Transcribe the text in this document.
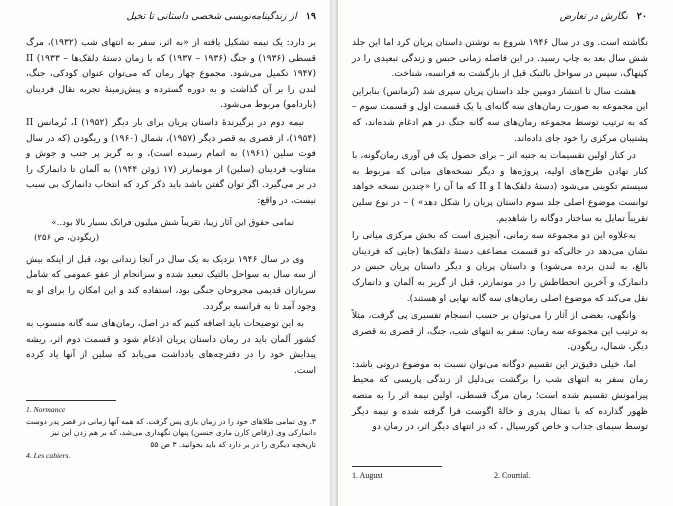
۱۹ از زندگینامه‌نویسی شخصی داستانی تا تخیل

بر دارد: یک نیمه تشکیل یافته از «به اثر، سفر به انتهای شب (۱۹۳۲)، مرگ قسطی (۱۹۳۶) و جنگ (۱۹۳۶ – ۱۹۳۷) که با زمان دستهٔ دلقک‌ها II (۱۹۳۳ – ۱۹۴۷) تکمیل می‌شود. مجموع چهار رمان که می‌توان عنوان کودکی، جنگ، لندن را بر آن گذاشت و به دوره گسترده و پیش‌زمینهٔ تجربه نقال فردینان (باردامو) مربوط می‌شود.

نیمه دوم در برگیرندهٔ داستان پریان برای بار دیگر I (۱۹۵۲)، نُرمانس II (۱۹۵۴)، از قصری به قصر دیگر (۱۹۵۷)، شمال (۱۹۶۰) و ریگودن (که در سال فوت سلین (۱۹۶۱) به اتمام رسیده است)، و به گریز پر جنب و جوش و متناوب فردینان (سلین) از مونمارتر (۱۷ ژوئن ۱۹۴۴) به آلمان تا دانمارک را در بر می‌گیرد. اگر توان گفتن باشد باید ذکر کرد که انتخاب دانمارک بی‌ سبب نیست، در واقع:

تمامی حقوق این آثار زیبا، تقریباً شش میلیون فرانک بسیار بالا بود..»
(ریگودن، ص ۲۵۶)

وی در سال ۱۹۴۶ نزدیک به یک سال در آنجا زندانی بود، قبل از اینکه بیش از سه سال به سواحل بالتیک تبعید شده و سرانجام از عفو عمومی که شامل سربازان قدیمی مجروحان جنگی بود، استفاده کند و این امکان را برای او به‌ وجود آمد تا به فرانسه برگردد.

به این توضیحات باید اضافه کنیم که در اصل، رمان‌های سه گانه منسوب به کشور آلمان باید در رمان داستان پریان اذغام شود و قسمت دوم اثر، ریشه پیدایش خود را در دفترچه‌های یادداشت می‌یابد که سلین از آنها یاد کرده است.

1. Normance
۳. وی تمامی طلاهای خود را در زمان بازی پس گرفت. که همه آنها زمانی در قصر پدر دوست دانمارکی وی (رقاص کارن ماری جنسن) پنهان نگهداری می‌شد، که بر هم زدن این نیز تاریخچه دیگری را در بر دارد که باید بخوانید. ۳ ص ۵۵
4. Les cahiers.
۲۰ نگارش در تعارض

نگاشته است. وی در سال ۱۹۴۶ شروع به نوشتن داستان پریان کرد اما این جلد شش سال بعد به چاپ رسید. در این فاصله زمانی حبس و زندگی تبعیدی را در کپنهاگ، سپس در سواحل بالتیک قبل از بازگشت به فرانسه، شناخت.

هشت سال تا انتشار دومین جلد داستان پریان سپری شد (نُرمانس) بنابراین این مجموعه به صورت رمان‌های سه گانه‌ای با یک قسمت اول و قسمت سوم – که به ترتیب توسط مجموعه رمان‌های سه گانه جنگ در هم ادغام شده‌اند، که پشتیبان مرکزی را خود جای داده‌اند.

در کنار اولین تقسیمات به جنبه اثر – برای حصول یک فن آوری رمان‌گونه، با کنار نهادن طرح‌های اولیه، پروژه‌ها و دیگر نسخه‌های میانی که مربوط به سیستم تکوینی می‌شود (دستهٔ دلقک‌ها I و II که ما آن را «چندین نسخه خواهد توانست موضوع اصلی جلد سوم داستان پریان را شکل دهد» ) – در نوع سلین تقریباً تمایل به ساختار دوگانه را شاهدیم.

به‌علاوه این دو مجموعه سه رمانی، آنچیزی است که بخش مرکزی میانی را نشان می‌دهد در حالی‌که دو قسمت مضاعف دستهٔ دلقک‌ها (جایی که فردینان بالغ، به لندن برده می‌شود) و داستان پریان و دیگر داستان پریان حبس در دانمارک و آخرین انحطاطش را در مونمارتر، قبل از گریز به آلمان و دانمارک نقل می‌کند که موضوع اصلی رمان‌های سه گانه نهایی او هستند).

وانگهی، بعضی از آثار را می‌توان بر حسب انسجام تفسیری پی گرفت، مثلاً به ترتیب این مجموعه سه رمان: سفر به انتهای شب، جنگ، از قصری به قصری دیگر، شمال، ریگودن.

اما، خیلی دقیق‌تر این تقسیم دوگانه می‌توان نسبت به موضوع درونی باشد: رمان سفر به انتهای شب را برگشت بی‌دلیل از زندگی پاریسی که محیط پیرامونش تقسیم شده است؛ رمان مرگ قسطی، اولین نیمه اثر را به منصه ظهور گذارده که با تمثال پدری و خالهٔ اگوست فرا گرفته شده و نیمه دیگر توسط سیمای جذاب و خاص کورسیال ، که در انتهای دیگر اثر، در رمان دو

1. August	2. Courtial.
